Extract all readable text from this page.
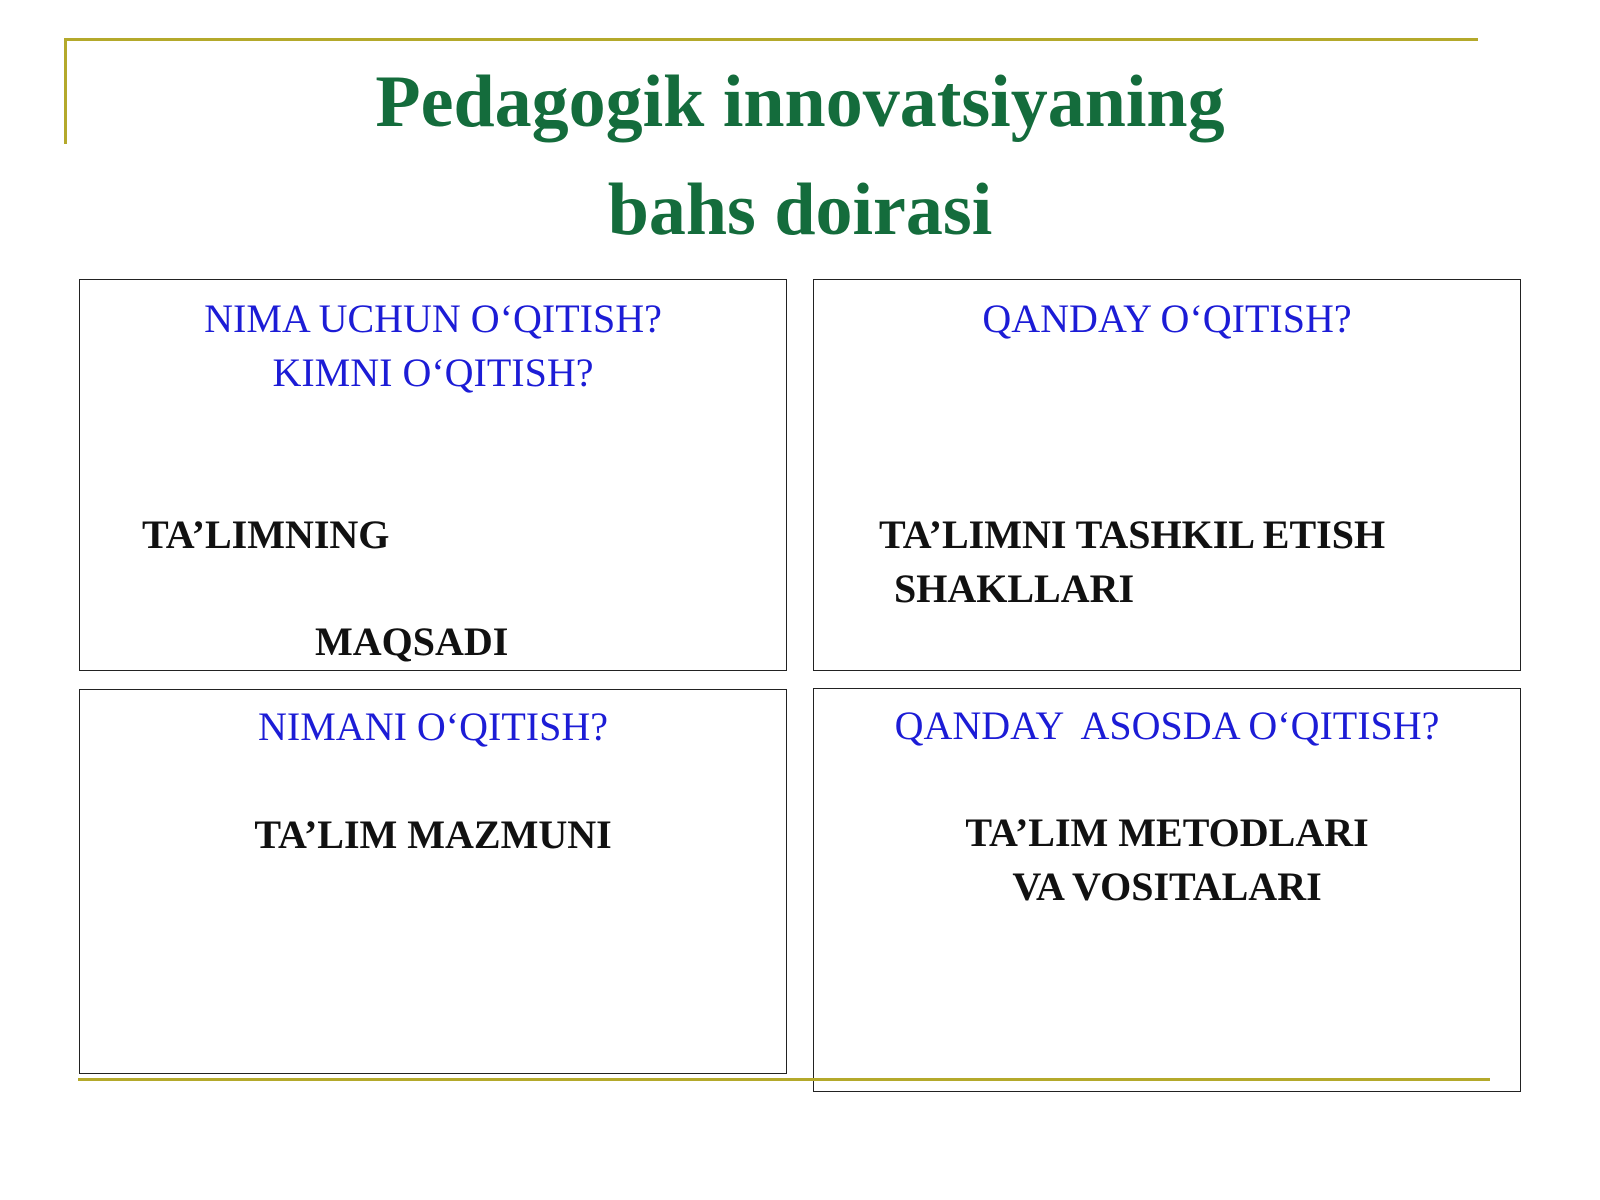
Pedagogik innovatsiyaning
bahs doirasi
NIMA UCHUN O‘QITISH?
KIMNI O‘QITISH?
TA’LIMNING
MAQSADI
QANDAY O‘QITISH?
TA’LIMNI TASHKIL ETISH
SHAKLLARI
NIMANI O‘QITISH?
TA’LIM MAZMUNI
QANDAY  ASOSDA O‘QITISH?
TA’LIM METODLARI
VA VOSITALARI
